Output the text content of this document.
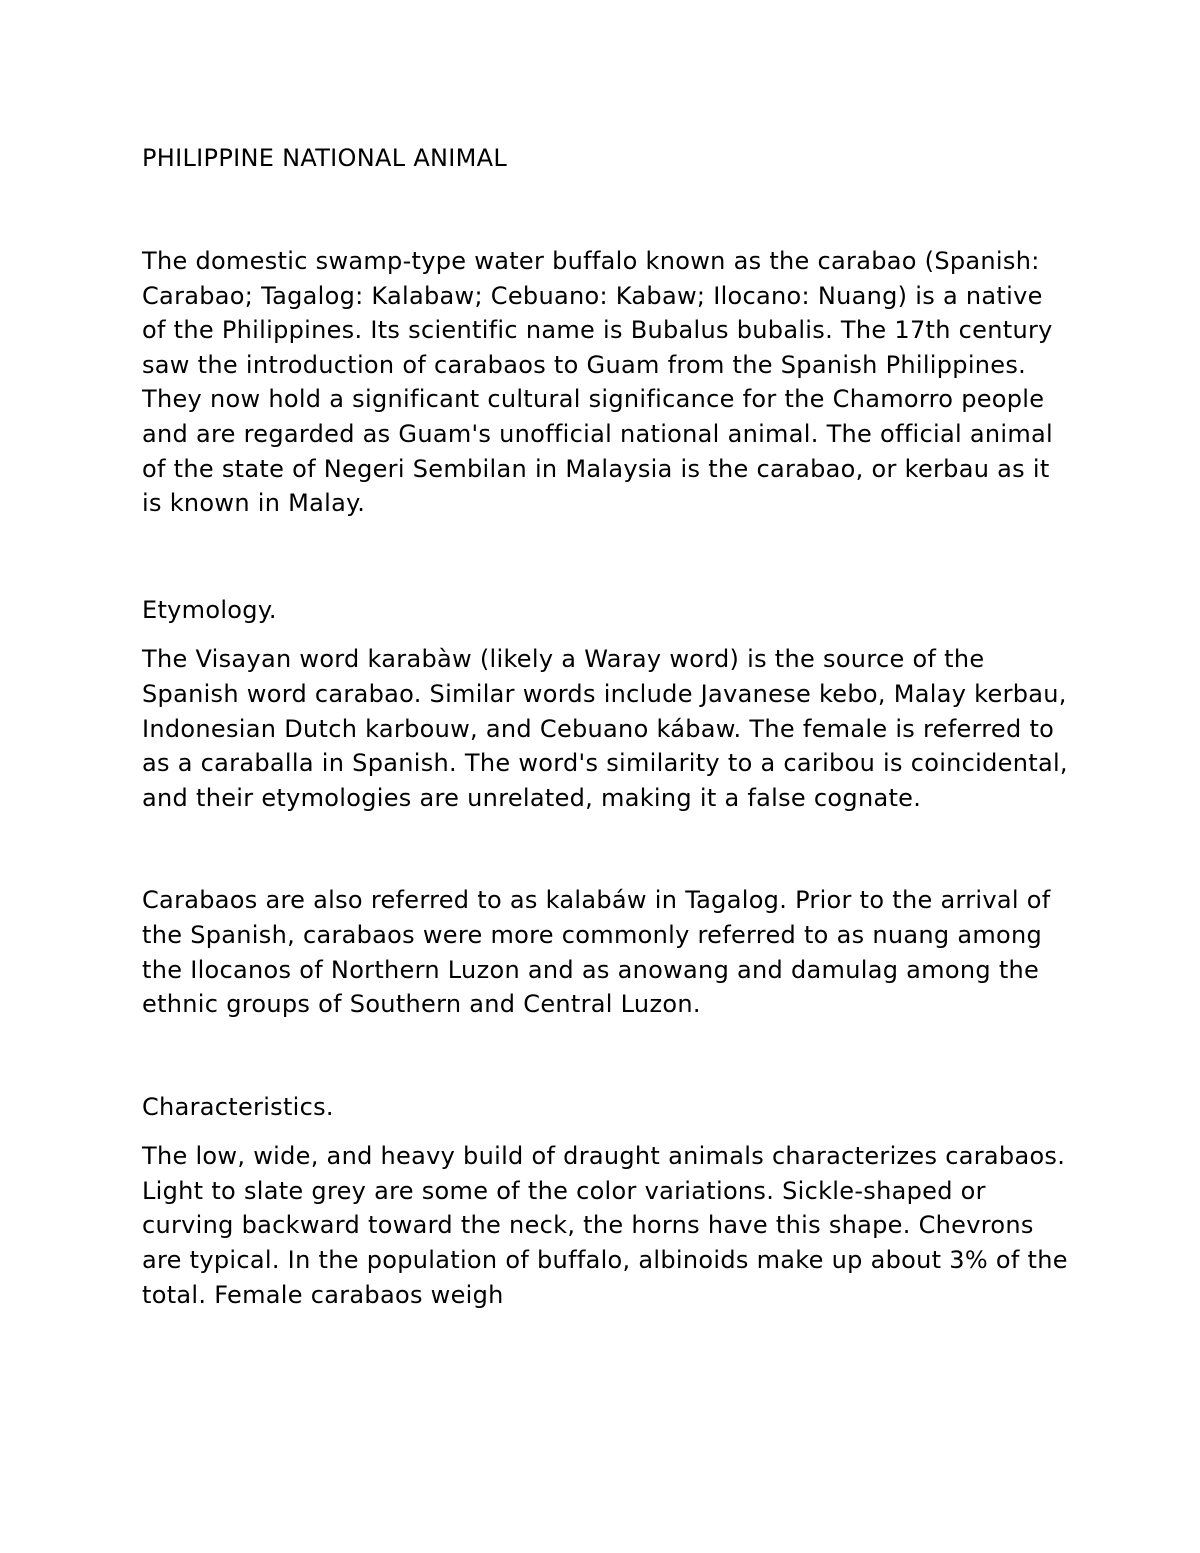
PHILIPPINE NATIONAL ANIMAL

The domestic swamp-type water buffalo known as the carabao (Spanish: Carabao; Tagalog: Kalabaw; Cebuano: Kabaw; Ilocano: Nuang) is a native of the Philippines. Its scientific name is Bubalus bubalis. The 17th century saw the introduction of carabaos to Guam from the Spanish Philippines. They now hold a significant cultural significance for the Chamorro people and are regarded as Guam's unofficial national animal. The official animal of the state of Negeri Sembilan in Malaysia is the carabao, or kerbau as it is known in Malay.

Etymology.

The Visayan word karabàw (likely a Waray word) is the source of the Spanish word carabao. Similar words include Javanese kebo, Malay kerbau, Indonesian Dutch karbouw, and Cebuano kábaw. The female is referred to as a caraballa in Spanish. The word's similarity to a caribou is coincidental, and their etymologies are unrelated, making it a false cognate.

Carabaos are also referred to as kalabáw in Tagalog. Prior to the arrival of the Spanish, carabaos were more commonly referred to as nuang among the Ilocanos of Northern Luzon and as anowang and damulag among the ethnic groups of Southern and Central Luzon.

Characteristics.

The low, wide, and heavy build of draught animals characterizes carabaos. Light to slate grey are some of the color variations. Sickle-shaped or curving backward toward the neck, the horns have this shape. Chevrons are typical. In the population of buffalo, albinoids make up about 3% of the total. Female carabaos weigh
